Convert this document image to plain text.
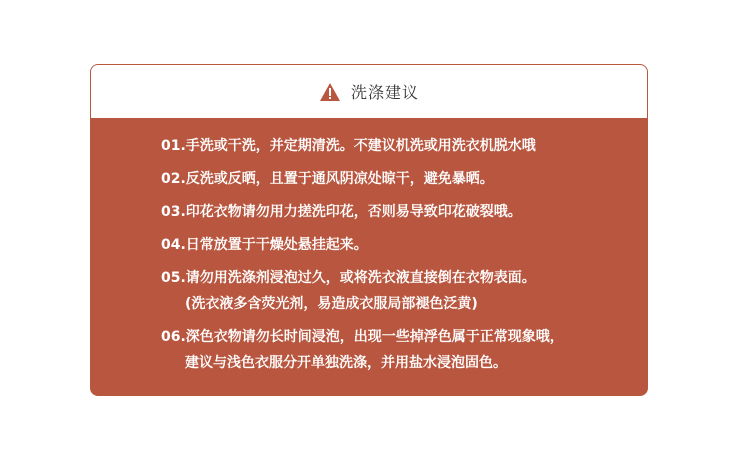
洗涤建议
01.手洗或干洗，并定期清洗。不建议机洗或用洗衣机脱水哦
02.反洗或反晒，且置于通风阴凉处晾干，避免暴晒。
03.印花衣物请勿用力搓洗印花，否则易导致印花破裂哦。
04.日常放置于干燥处悬挂起来。
05.请勿用洗涤剂浸泡过久，或将洗衣液直接倒在衣物表面。
(洗衣液多含荧光剂，易造成衣服局部褪色泛黄)
06.深色衣物请勿长时间浸泡，出现一些掉浮色属于正常现象哦，
建议与浅色衣服分开单独洗涤，并用盐水浸泡固色。
